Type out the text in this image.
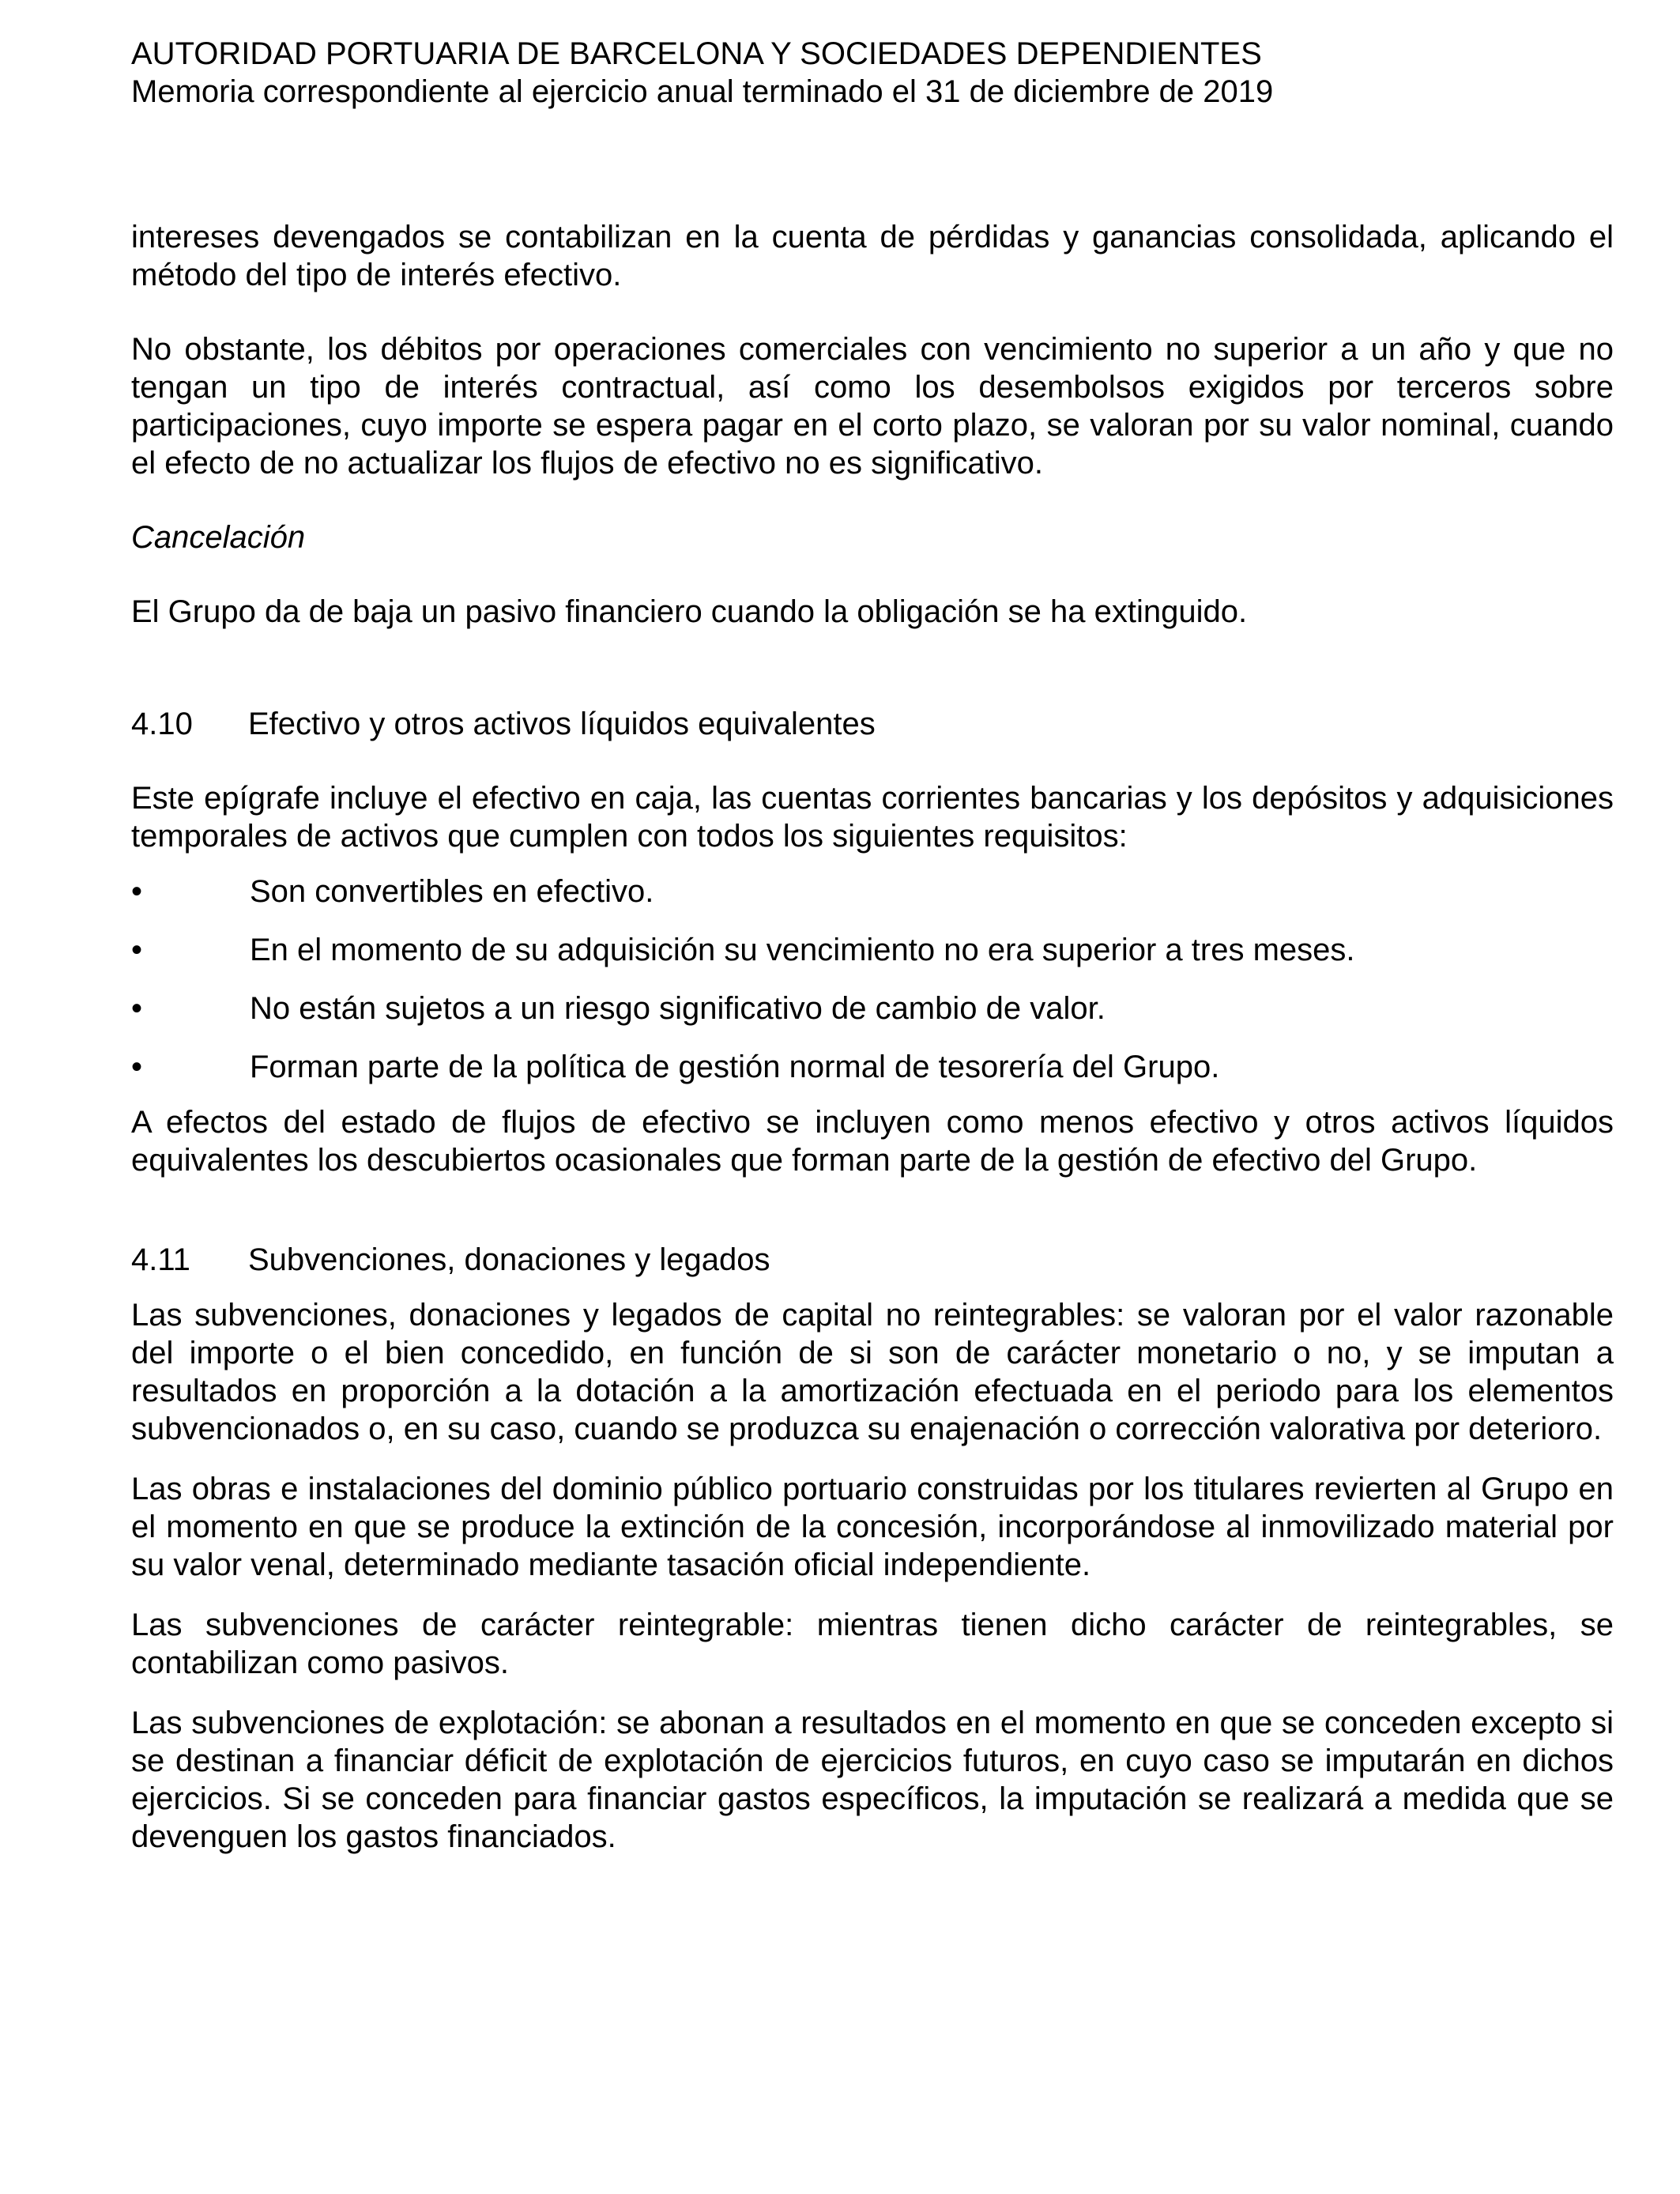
AUTORIDAD PORTUARIA DE BARCELONA Y SOCIEDADES DEPENDIENTES

Memoria correspondiente al ejercicio anual terminado el 31 de diciembre de 2019

intereses devengados se contabilizan en la cuenta de pérdidas y ganancias consolidada, aplicando el método del tipo de interés efectivo.

No obstante, los débitos por operaciones comerciales con vencimiento no superior a un año y que no tengan un tipo de interés contractual, así como los desembolsos exigidos por terceros sobre participaciones, cuyo importe se espera pagar en el corto plazo, se valoran por su valor nominal, cuando el efecto de no actualizar los flujos de efectivo no es significativo.

Cancelación

El Grupo da de baja un pasivo financiero cuando la obligación se ha extinguido.

4.10	Efectivo y otros activos líquidos equivalentes

Este epígrafe incluye el efectivo en caja, las cuentas corrientes bancarias y los depósitos y adquisiciones temporales de activos que cumplen con todos los siguientes requisitos:

•	Son convertibles en efectivo.
•	En el momento de su adquisición su vencimiento no era superior a tres meses.
•	No están sujetos a un riesgo significativo de cambio de valor.
•	Forman parte de la política de gestión normal de tesorería del Grupo.

A efectos del estado de flujos de efectivo se incluyen como menos efectivo y otros activos líquidos equivalentes los descubiertos ocasionales que forman parte de la gestión de efectivo del Grupo.

4.11	Subvenciones, donaciones y legados

Las subvenciones, donaciones y legados de capital no reintegrables: se valoran por el valor razonable del importe o el bien concedido, en función de si son de carácter monetario o no, y se imputan a resultados en proporción a la dotación a la amortización efectuada en el periodo para los elementos subvencionados o, en su caso, cuando se produzca su enajenación o corrección valorativa por deterioro.

Las obras e instalaciones del dominio público portuario construidas por los titulares revierten al Grupo en el momento en que se produce la extinción de la concesión, incorporándose al inmovilizado material por su valor venal, determinado mediante tasación oficial independiente.

Las subvenciones de carácter reintegrable: mientras tienen dicho carácter de reintegrables, se contabilizan como pasivos.

Las subvenciones de explotación: se abonan a resultados en el momento en que se conceden excepto si se destinan a financiar déficit de explotación de ejercicios futuros, en cuyo caso se imputarán en dichos ejercicios. Si se conceden para financiar gastos específicos, la imputación se realizará a medida que se devenguen los gastos financiados.
